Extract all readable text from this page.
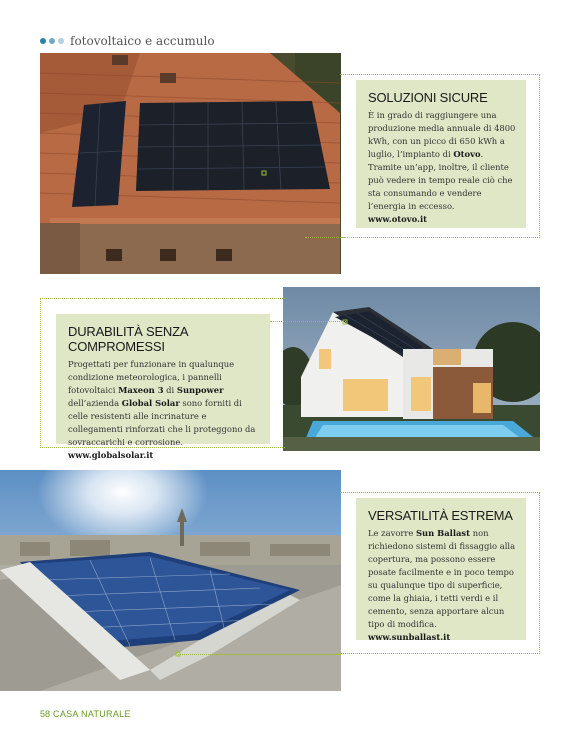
fotovoltaico e accumulo
SOLUZIONI SICURE
È in grado di raggiungere una produzione media annuale di 4800 kWh, con un picco di 650 kWh a luglio, l’impianto di Otovo. Tramite un’app, inoltre, il cliente può vedere in tempo reale ciò che sta consumando e vendere l’energia in eccesso.
www.otovo.it
DURABILITÀ SENZA COMPROMESSI
Progettati per funzionare in qualunque condizione meteorologica, i pannelli fotovoltaici Maxeon 3 di Sunpower dell’azienda Global Solar sono forniti di celle resistenti alle incrinature e collegamenti rinforzati che li proteggono da sovraccarichi e corrosione.
www.globalsolar.it
VERSATILITÀ ESTREMA
Le zavorre Sun Ballast non richiedono sistemi di fissaggio alla copertura, ma possono essere posate facilmente e in poco tempo su qualunque tipo di superficie, come la ghiaia, i tetti verdi e il cemento, senza apportare alcun tipo di modifica.
www.sunballast.it
58 CASA NATURALE
